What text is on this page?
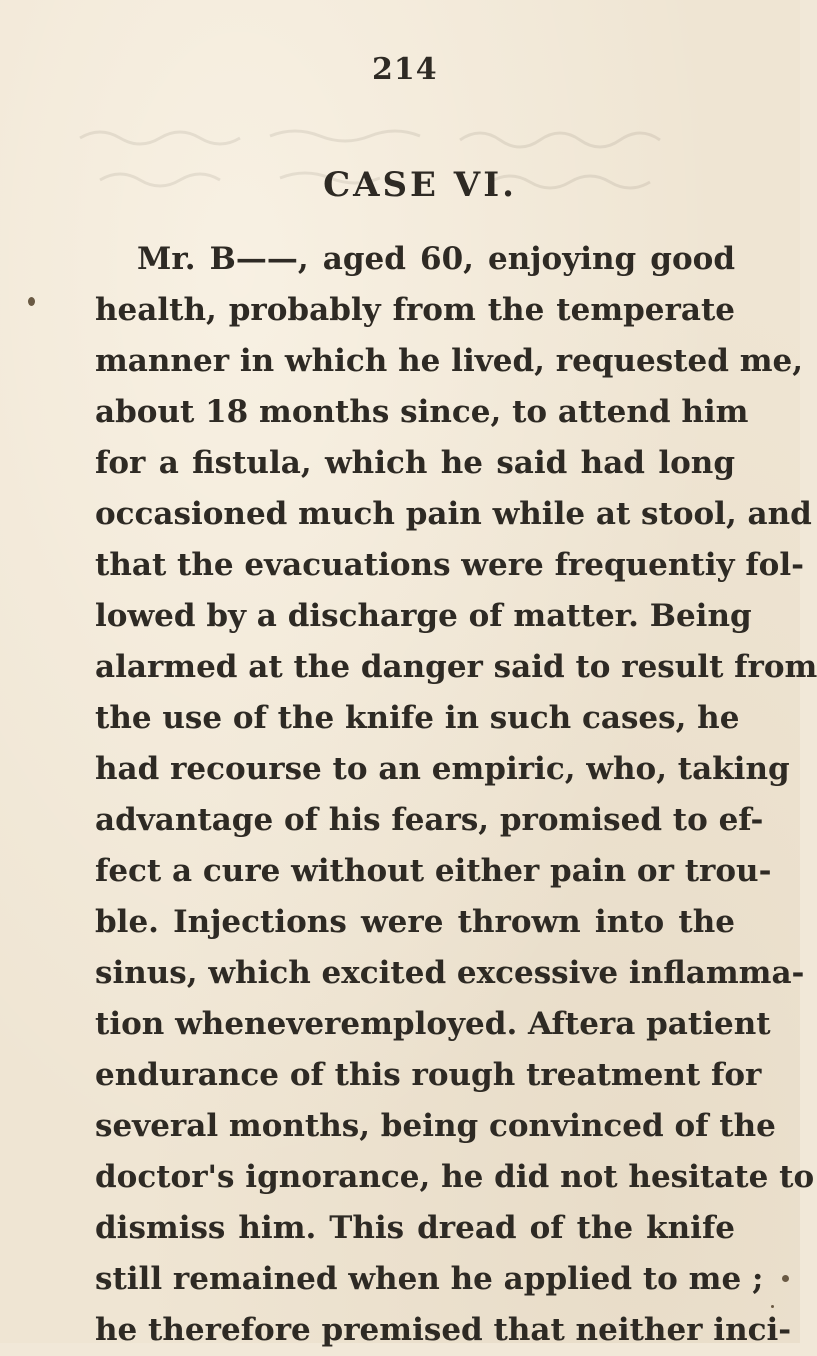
214
CASE VI.
Mr. B——, aged 60, enjoying good
health, probably from the temperate
manner in which he lived, requested me,
about 18 months since, to attend him
for a fistula, which he said had long
occasioned much pain while at stool, and
that the evacuations were frequentiy fol-
lowed by a discharge of matter. Being
alarmed at the danger said to result from
the use of the knife in such cases, he
had recourse to an empiric, who, taking
advantage of his fears, promised to ef-
fect a cure without either pain or trou-
ble. Injections were thrown into the
sinus, which excited excessive inflamma-
tion wheneveremployed. Aftera patient
endurance of this rough treatment for
several months, being convinced of the
doctor's ignorance, he did not hesitate to
dismiss him. This dread of the knife
still remained when he applied to me ;
he therefore premised that neither inci-
